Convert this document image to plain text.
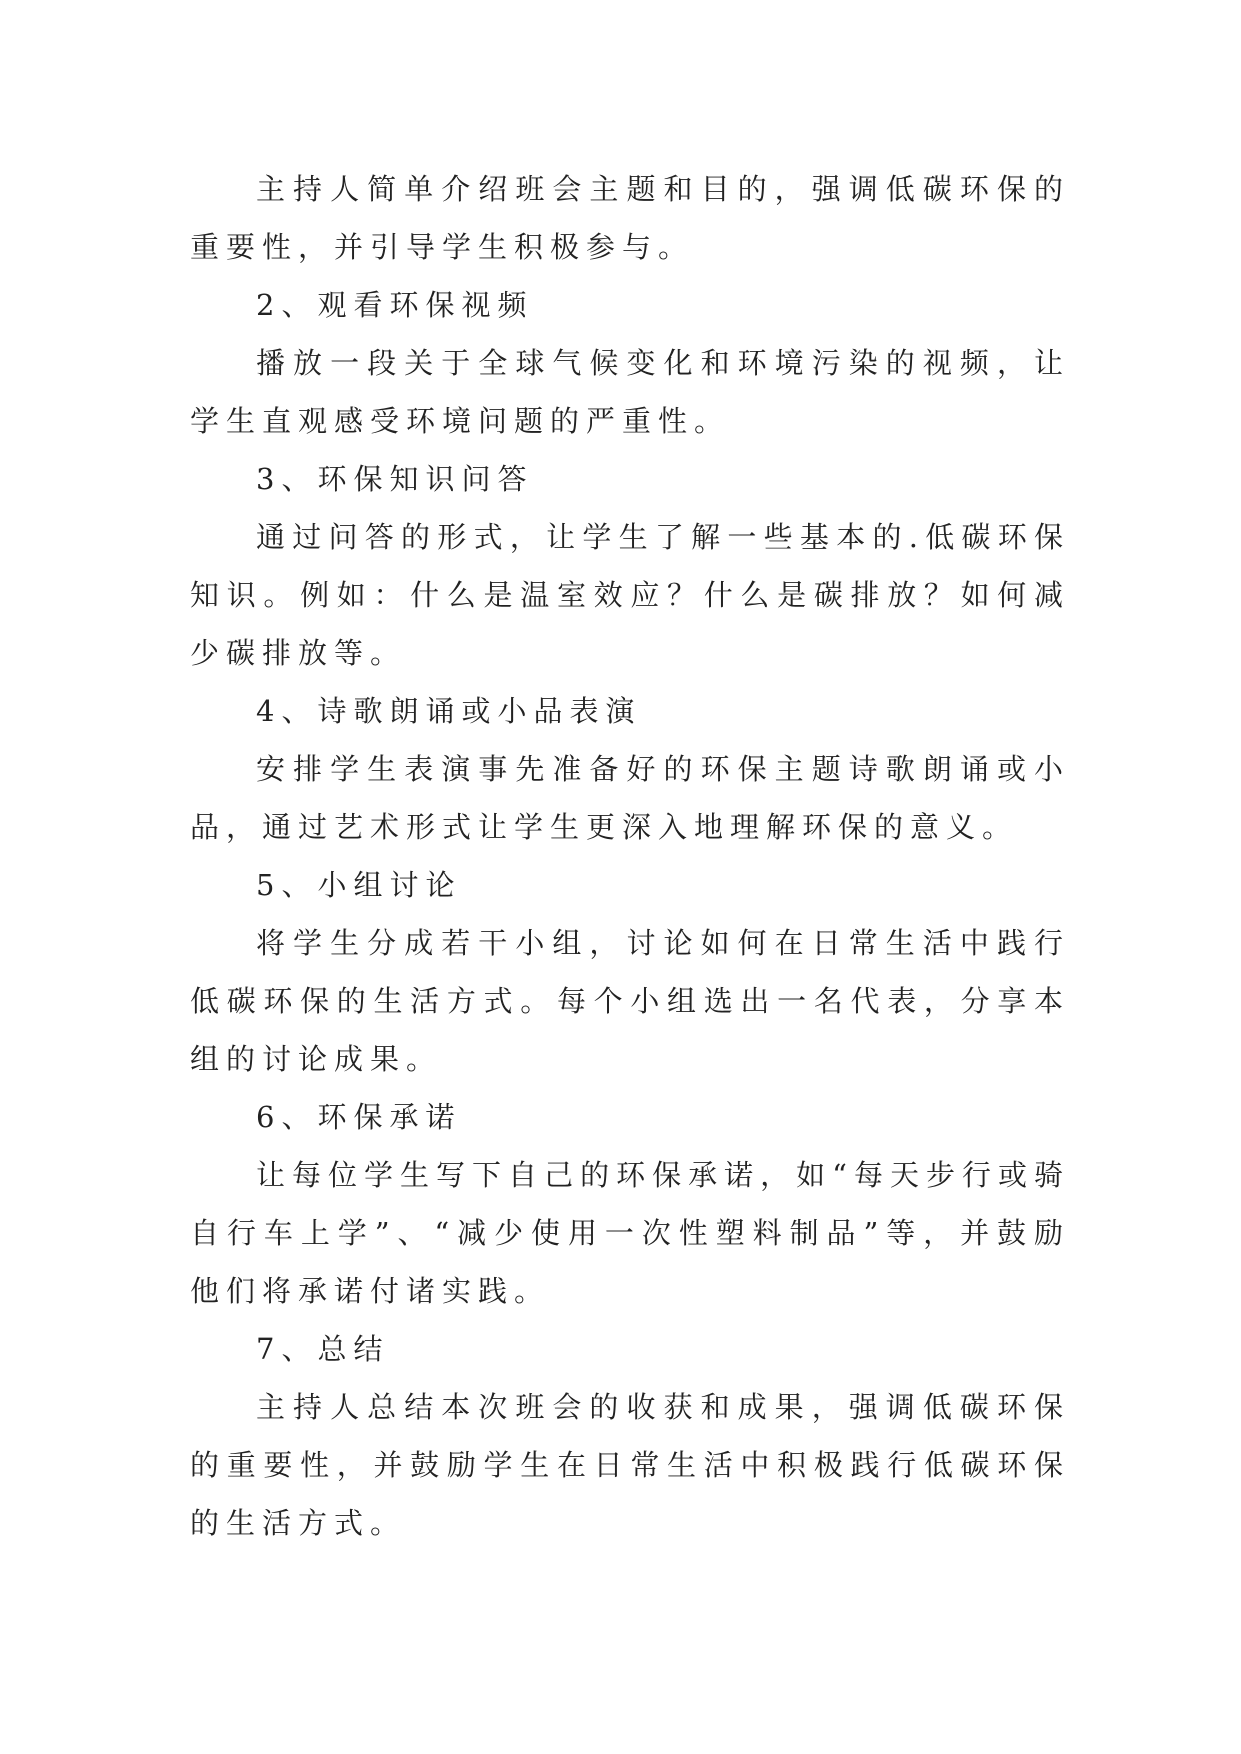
主持人简单介绍班会主题和目的，强调低碳环保的重要性，并引导学生积极参与。

2、观看环保视频

播放一段关于全球气候变化和环境污染的视频，让学生直观感受环境问题的严重性。

3、环保知识问答

通过问答的形式，让学生了解一些基本的.低碳环保知识。例如：什么是温室效应？什么是碳排放？如何减少碳排放等。

4、诗歌朗诵或小品表演

安排学生表演事先准备好的环保主题诗歌朗诵或小品，通过艺术形式让学生更深入地理解环保的意义。

5、小组讨论

将学生分成若干小组，讨论如何在日常生活中践行低碳环保的生活方式。每个小组选出一名代表，分享本组的讨论成果。

6、环保承诺

让每位学生写下自己的环保承诺，如“每天步行或骑自行车上学”、“减少使用一次性塑料制品”等，并鼓励他们将承诺付诸实践。

7、总结

主持人总结本次班会的收获和成果，强调低碳环保的重要性，并鼓励学生在日常生活中积极践行低碳环保的生活方式。
